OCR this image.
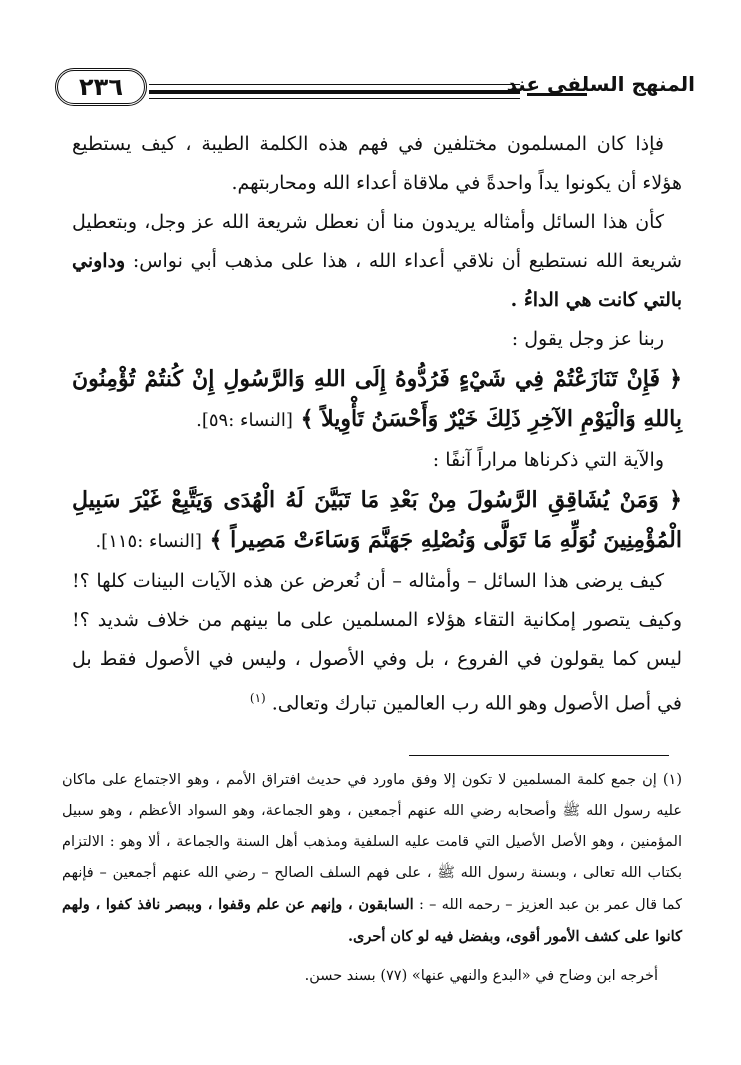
٢٣٦	المنهج السلفي عند

فإذا كان المسلمون مختلفين في فهم هذه الكلمة الطيبة ، كيف يستطيع هؤلاء أن يكونوا يداً واحدةً في ملاقاة أعداء الله ومحاربتهم.

كأن هذا السائل وأمثاله يريدون منا أن نعطل شريعة الله عز وجل، وبتعطيل شريعة الله نستطيع أن نلاقي أعداء الله ، هذا على مذهب أبي نواس: وداوني بالتي كانت هي الداءُ .

ربنا عز وجل يقول :

﴿ فَإِنْ تَنَازَعْتُمْ فِي شَيْءٍ فَرُدُّوهُ إِلَى اللهِ وَالرَّسُولِ إِنْ كُنتُمْ تُؤْمِنُونَ بِاللهِ وَالْيَوْمِ الآخِرِ ذَلِكَ خَيْرٌ وَأَحْسَنُ تَأْوِيلاً ﴾ [النساء :٥٩].

والآية التي ذكرناها مراراً آنفًا :

﴿ وَمَنْ يُشَاقِقِ الرَّسُولَ مِنْ بَعْدِ مَا تَبَيَّنَ لَهُ الْهُدَى وَيَتَّبِعْ غَيْرَ سَبِيلِ الْمُؤْمِنِينَ نُوَلِّهِ مَا تَوَلَّى وَنُصْلِهِ جَهَنَّمَ وَسَاءَتْ مَصِيراً ﴾ [النساء :١١٥].

كيف يرضى هذا السائل – وأمثاله – أن نُعرض عن هذه الآيات البينات كلها ؟! وكيف يتصور إمكانية التقاء هؤلاء المسلمين على ما بينهم من خلاف شديد ؟! ليس كما يقولون في الفروع ، بل وفي الأصول ، وليس في الأصول فقط بل في أصل الأصول وهو الله رب العالمين تبارك وتعالى. $^{(١)}$

(١) إن جمع كلمة المسلمين لا تكون إلا وفق ماورد في حديث افتراق الأمم ، وهو الاجتماع على ماكان عليه رسول الله ﷺ وأصحابه رضي الله عنهم أجمعين ، وهو الجماعة، وهو السواد الأعظم ، وهو سبيل المؤمنين ، وهو الأصل الأصيل التي قامت عليه السلفية ومذهب أهل السنة والجماعة ، ألا وهو : الالتزام بكتاب الله تعالى ، وبسنة رسول الله ﷺ ، على فهم السلف الصالح – رضي الله عنهم أجمعين – فإنهم كما قال عمر بن عبد العزيز – رحمه الله – : السابقون ، وإنهم عن علم وقفوا ، وببصر نافذ كفوا ، ولهم كانوا على كشف الأمور أقوى، وبفضل فيه لو كان أحرى.

أخرجه ابن وضاح في «البدع والنهي عنها» (٧٧) بسند حسن.
